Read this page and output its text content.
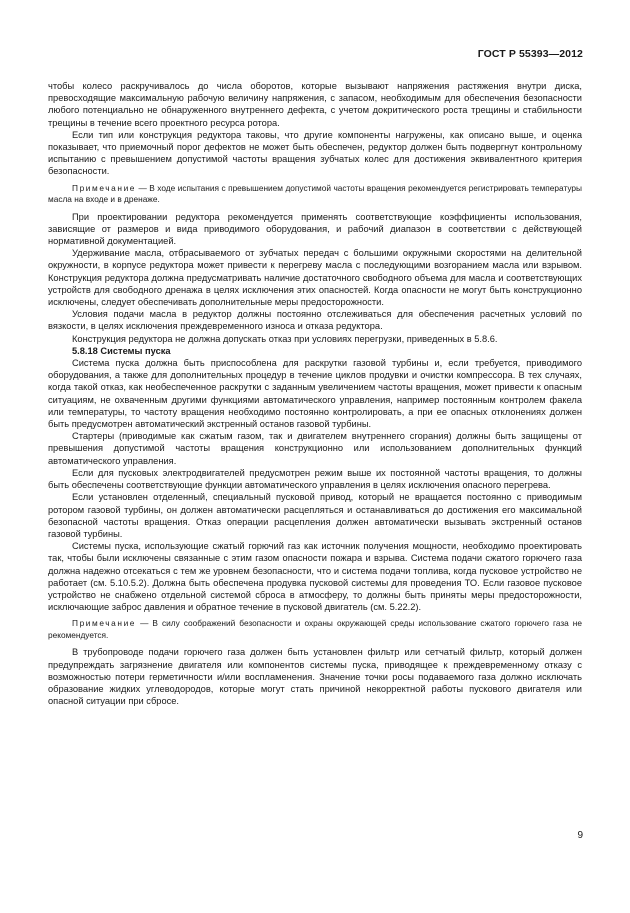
ГОСТ Р 55393—2012

чтобы колесо раскручивалось до числа оборотов, которые вызывают напряжения растяжения внутри диска, превосходящие максимальную рабочую величину напряжения, с запасом, необходимым для обеспечения безопасности любого потенциально не обнаруженного внутреннего дефекта, с учетом докритического роста трещины и стабильности трещины в течение всего проектного ресурса ротора.

Если тип или конструкция редуктора таковы, что другие компоненты нагружены, как описано выше, и оценка показывает, что приемочный порог дефектов не может быть обеспечен, редуктор должен быть подвергнут контрольному испытанию с превышением допустимой частоты вращения зубчатых колес для достижения эквивалентного критерия безопасности.

Примечание — В ходе испытания с превышением допустимой частоты вращения рекомендуется регистрировать температуры масла на входе и в дренаже.

При проектировании редуктора рекомендуется применять соответствующие коэффициенты использования, зависящие от размеров и вида приводимого оборудования, и рабочий диапазон в соответствии с действующей нормативной документацией.

Удерживание масла, отбрасываемого от зубчатых передач с большими окружными скоростями на делительной окружности, в корпусе редуктора может привести к перегреву масла с последующими возгоранием масла или взрывом. Конструкция редуктора должна предусматривать наличие достаточного свободного объема для масла и соответствующих устройств для свободного дренажа в целях исключения этих опасностей. Когда опасности не могут быть конструкционно исключены, следует обеспечивать дополнительные меры предосторожности.

Условия подачи масла в редуктор должны постоянно отслеживаться для обеспечения расчетных условий по вязкости, в целях исключения преждевременного износа и отказа редуктора.

Конструкция редуктора не должна допускать отказ при условиях перегрузки, приведенных в 5.8.6.

5.8.18 Системы пуска

Система пуска должна быть приспособлена для раскрутки газовой турбины и, если требуется, приводимого оборудования, а также для дополнительных процедур в течение циклов продувки и очистки компрессора. В тех случаях, когда такой отказ, как необеспеченное раскрутки с заданным увеличением частоты вращения, может привести к опасным ситуациям, не охваченным другими функциями автоматического управления, например постоянным контролем факела или температуры, то частоту вращения необходимо постоянно контролировать, а при ее опасных отклонениях должен быть предусмотрен автоматический экстренный останов газовой турбины.

Стартеры (приводимые как сжатым газом, так и двигателем внутреннего сгорания) должны быть защищены от превышения допустимой частоты вращения конструкционно или использованием дополнительных функций автоматического управления.

Если для пусковых электродвигателей предусмотрен режим выше их постоянной частоты вращения, то должны быть обеспечены соответствующие функции автоматического управления в целях исключения опасного перегрева.

Если установлен отделенный, специальный пусковой привод, который не вращается постоянно с приводимым ротором газовой турбины, он должен автоматически расцепляться и останавливаться до достижения его максимальной безопасной частоты вращения. Отказ операции расцепления должен автоматически вызывать экстренный останов газовой турбины.

Системы пуска, использующие сжатый горючий газ как источник получения мощности, необходимо проектировать так, чтобы были исключены связанные с этим газом опасности пожара и взрыва. Система подачи сжатого горючего газа должна надежно отсекаться с тем же уровнем безопасности, что и система подачи топлива, когда пусковое устройство не работает (см. 5.10.5.2). Должна быть обеспечена продувка пусковой системы для проведения ТО. Если газовое пусковое устройство не снабжено отдельной системой сброса в атмосферу, то должны быть приняты меры предосторожности, исключающие заброс давления и обратное течение в пусковой двигатель (см. 5.22.2).

Примечание — В силу соображений безопасности и охраны окружающей среды использование сжатого горючего газа не рекомендуется.

В трубопроводе подачи горючего газа должен быть установлен фильтр или сетчатый фильтр, который должен предупреждать загрязнение двигателя или компонентов системы пуска, приводящее к преждевременному отказу с возможностью потери герметичности и/или воспламенения. Значение точки росы подаваемого газа должно исключать образование жидких углеводородов, которые могут стать причиной некорректной работы пускового двигателя или опасной ситуации при сбросе.

9
